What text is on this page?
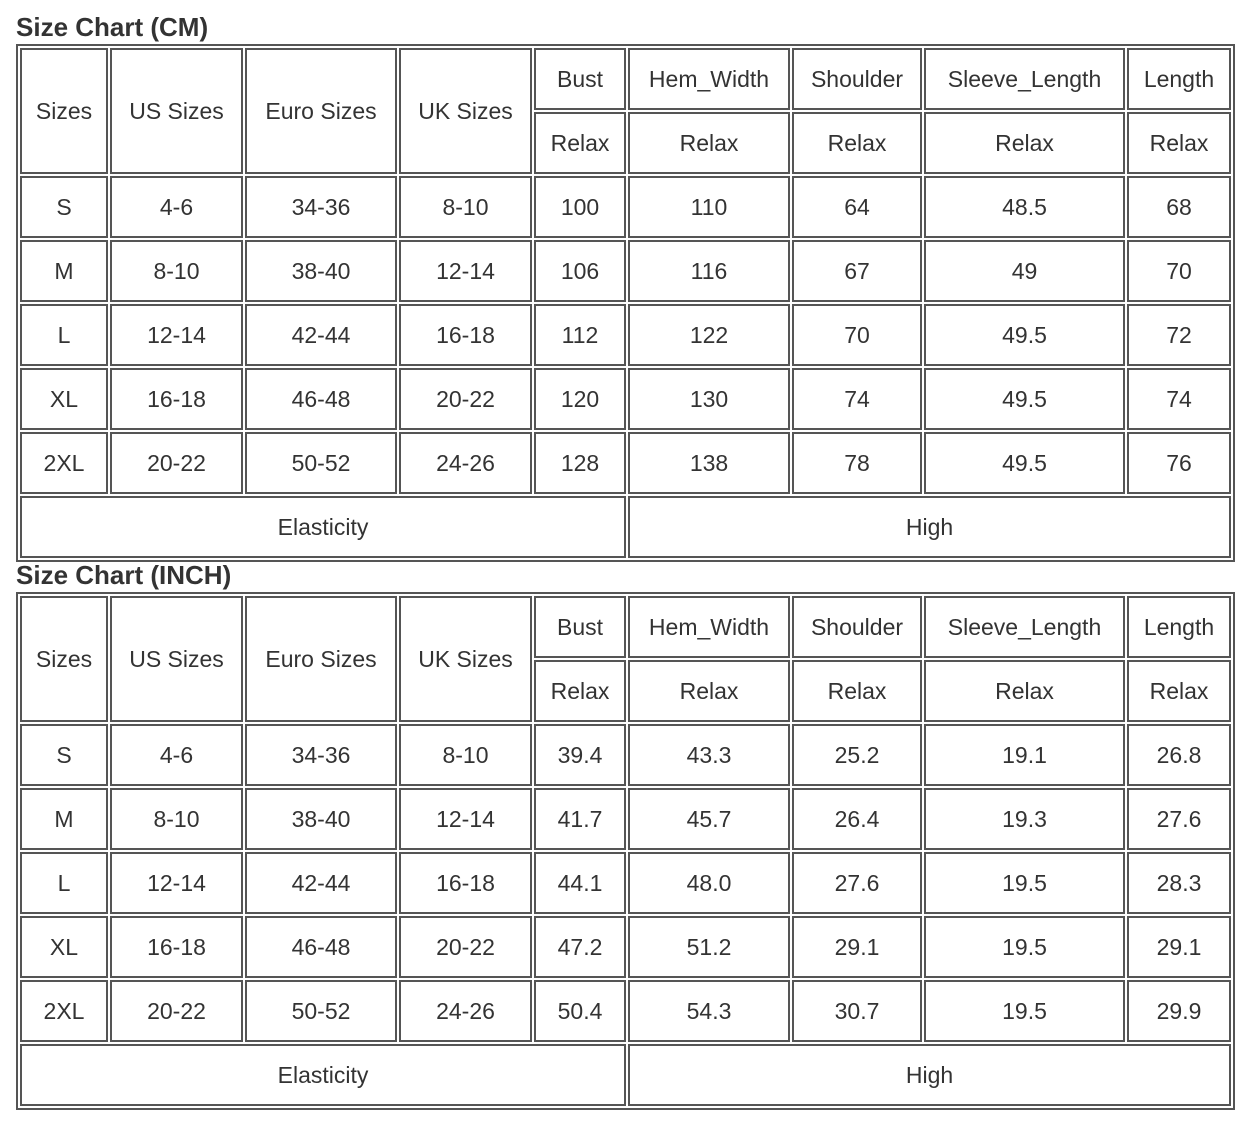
Size Chart (CM)
Sizes	US Sizes	Euro Sizes	UK Sizes	Bust	Hem_Width	Shoulder	Sleeve_Length	Length
				Relax	Relax	Relax	Relax	Relax
S	4-6	34-36	8-10	100	110	64	48.5	68
M	8-10	38-40	12-14	106	116	67	49	70
L	12-14	42-44	16-18	112	122	70	49.5	72
XL	16-18	46-48	20-22	120	130	74	49.5	74
2XL	20-22	50-52	24-26	128	138	78	49.5	76
Elasticity					High			
Size Chart (INCH)
Sizes	US Sizes	Euro Sizes	UK Sizes	Bust	Hem_Width	Shoulder	Sleeve_Length	Length
				Relax	Relax	Relax	Relax	Relax
S	4-6	34-36	8-10	39.4	43.3	25.2	19.1	26.8
M	8-10	38-40	12-14	41.7	45.7	26.4	19.3	27.6
L	12-14	42-44	16-18	44.1	48.0	27.6	19.5	28.3
XL	16-18	46-48	20-22	47.2	51.2	29.1	19.5	29.1
2XL	20-22	50-52	24-26	50.4	54.3	30.7	19.5	29.9
Elasticity					High			
